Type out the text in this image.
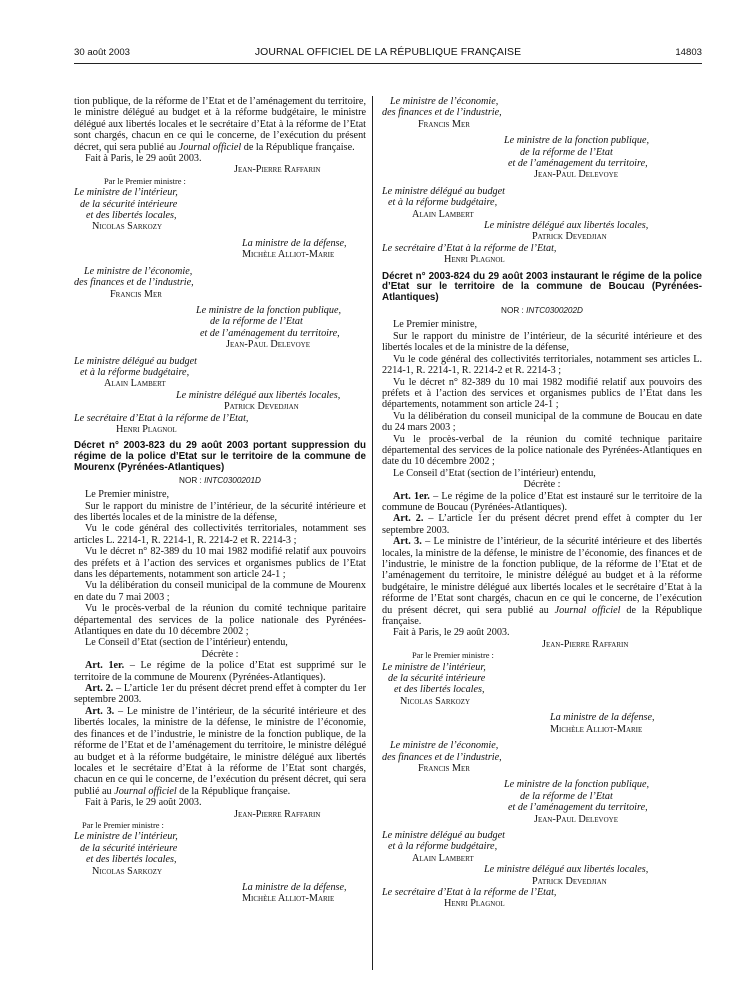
30 août 2003	JOURNAL OFFICIEL DE LA RÉPUBLIQUE FRANÇAISE	14803

tion publique, de la réforme de l’Etat et de l’aménagement du territoire, le ministre délégué au budget et à la réforme budgétaire, le ministre délégué aux libertés locales et le secrétaire d’Etat à la réforme de l’Etat sont chargés, chacun en ce qui le concerne, de l’exécution du présent décret, qui sera publié au Journal officiel de la République française.

Fait à Paris, le 29 août 2003.

Jean-Pierre Raffarin

Par le Premier ministre :

Le ministre de l’intérieur,

de la sécurité intérieure

et des libertés locales,

Nicolas Sarkozy

La ministre de la défense,

Michèle Alliot-Marie

Le ministre de l’économie,

des finances et de l’industrie,

Francis Mer

Le ministre de la fonction publique,

de la réforme de l’Etat

et de l’aménagement du territoire,

Jean-Paul Delevoye

Le ministre délégué au budget

et à la réforme budgétaire,

Alain Lambert

Le ministre délégué aux libertés locales,

Patrick Devedjian

Le secrétaire d’Etat à la réforme de l’Etat,

Henri Plagnol

Décret n° 2003-823 du 29 août 2003 portant suppression du régime de la police d’Etat sur le territoire de la commune de Mourenx (Pyrénées-Atlantiques)

NOR : INTC0300201D

Le Premier ministre,

Sur le rapport du ministre de l’intérieur, de la sécurité intérieure et des libertés locales et de la ministre de la défense,

Vu le code général des collectivités territoriales, notamment ses articles L. 2214-1, R. 2214-1, R. 2214-2 et R. 2214-3 ;

Vu le décret n° 82-389 du 10 mai 1982 modifié relatif aux pouvoirs des préfets et à l’action des services et organismes publics de l’Etat dans les départements, notamment son article 24-1 ;

Vu la délibération du conseil municipal de la commune de Mourenx en date du 7 mai 2003 ;

Vu le procès-verbal de la réunion du comité technique paritaire départemental des services de la police nationale des Pyrénées-Atlantiques en date du 10 décembre 2002 ;

Le Conseil d’Etat (section de l’intérieur) entendu,

Décrète :

Art. 1er. – Le régime de la police d’Etat est supprimé sur le territoire de la commune de Mourenx (Pyrénées-Atlantiques).

Art. 2. – L’article 1er du présent décret prend effet à compter du 1er septembre 2003.

Art. 3. – Le ministre de l’intérieur, de la sécurité intérieure et des libertés locales, la ministre de la défense, le ministre de l’économie, des finances et de l’industrie, le ministre de la fonction publique, de la réforme de l’Etat et de l’aménagement du territoire, le ministre délégué au budget et à la réforme budgétaire, le ministre délégué aux libertés locales et le secrétaire d’Etat à la réforme de l’Etat sont chargés, chacun en ce qui le concerne, de l’exécution du présent décret, qui sera publié au Journal officiel de la République française.

Fait à Paris, le 29 août 2003.

Jean-Pierre Raffarin

Par le Premier ministre :

Le ministre de l’intérieur,

de la sécurité intérieure

et des libertés locales,

Nicolas Sarkozy

La ministre de la défense,

Michèle Alliot-Marie

Le ministre de l’économie,

des finances et de l’industrie,

Francis Mer

Le ministre de la fonction publique,

de la réforme de l’Etat

et de l’aménagement du territoire,

Jean-Paul Delevoye

Le ministre délégué au budget

et à la réforme budgétaire,

Alain Lambert

Le ministre délégué aux libertés locales,

Patrick Devedjian

Le secrétaire d’Etat à la réforme de l’Etat,

Henri Plagnol

Décret n° 2003-824 du 29 août 2003 instaurant le régime de la police d’Etat sur le territoire de la commune de Boucau (Pyrénées-Atlantiques)

NOR : INTC0300202D

Le Premier ministre,

Sur le rapport du ministre de l’intérieur, de la sécurité intérieure et des libertés locales et de la ministre de la défense,

Vu le code général des collectivités territoriales, notamment ses articles L. 2214-1, R. 2214-1, R. 2214-2 et R. 2214-3 ;

Vu le décret n° 82-389 du 10 mai 1982 modifié relatif aux pouvoirs des préfets et à l’action des services et organismes publics de l’Etat dans les départements, notamment son article 24-1 ;

Vu la délibération du conseil municipal de la commune de Boucau en date du 24 mars 2003 ;

Vu le procès-verbal de la réunion du comité technique paritaire départemental des services de la police nationale des Pyrénées-Atlantiques en date du 10 décembre 2002 ;

Le Conseil d’Etat (section de l’intérieur) entendu,

Décrète :

Art. 1er. – Le régime de la police d’Etat est instauré sur le territoire de la commune de Boucau (Pyrénées-Atlantiques).

Art. 2. – L’article 1er du présent décret prend effet à compter du 1er septembre 2003.

Art. 3. – Le ministre de l’intérieur, de la sécurité intérieure et des libertés locales, la ministre de la défense, le ministre de l’économie, des finances et de l’industrie, le ministre de la fonction publique, de la réforme de l’Etat et de l’aménagement du territoire, le ministre délégué au budget et à la réforme budgétaire, le ministre délégué aux libertés locales et le secrétaire d’Etat à la réforme de l’Etat sont chargés, chacun en ce qui le concerne, de l’exécution du présent décret, qui sera publié au Journal officiel de la République française.

Fait à Paris, le 29 août 2003.

Jean-Pierre Raffarin

Par le Premier ministre :

Le ministre de l’intérieur,

de la sécurité intérieure

et des libertés locales,

Nicolas Sarkozy

La ministre de la défense,

Michèle Alliot-Marie

Le ministre de l’économie,

des finances et de l’industrie,

Francis Mer

Le ministre de la fonction publique,

de la réforme de l’Etat

et de l’aménagement du territoire,

Jean-Paul Delevoye

Le ministre délégué au budget

et à la réforme budgétaire,

Alain Lambert

Le ministre délégué aux libertés locales,

Patrick Devedjian

Le secrétaire d’Etat à la réforme de l’Etat,

Henri Plagnol
